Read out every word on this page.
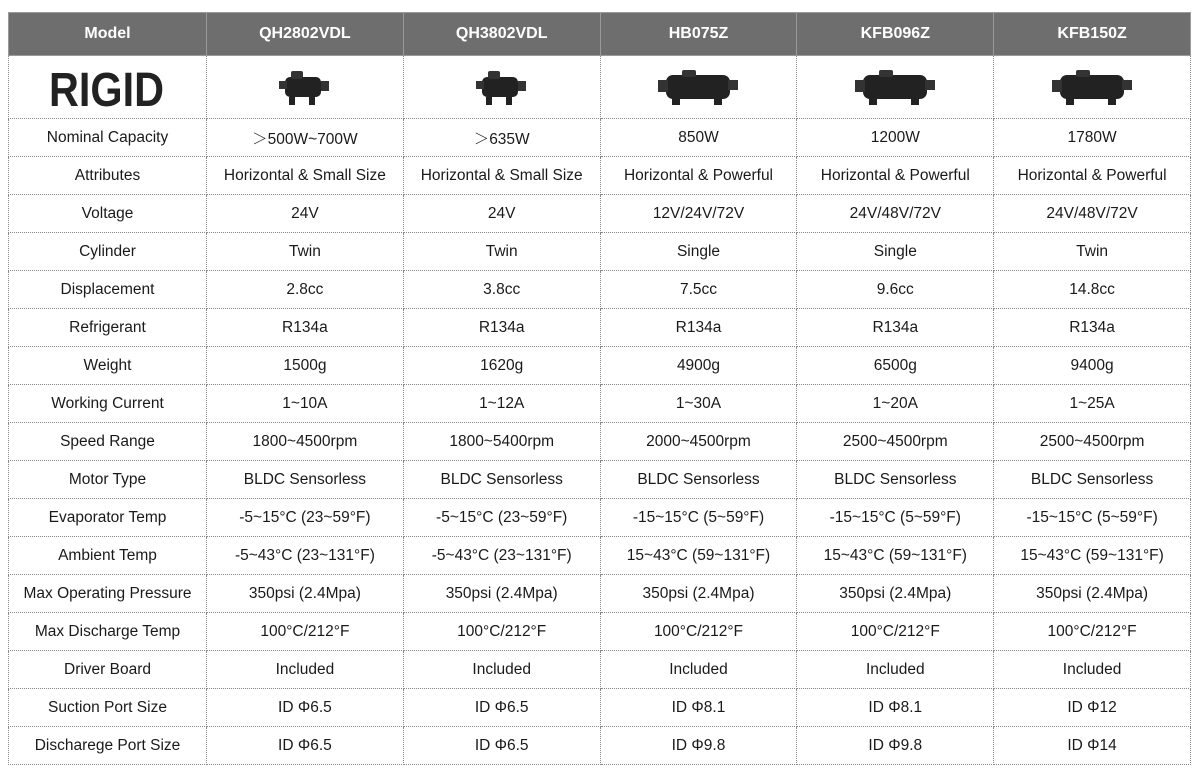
Model	QH2802VDL	QH3802VDL	HB075Z	KFB096Z	KFB150Z

RIGID

Nominal Capacity	＞500W~700W	＞635W	850W	1200W	1780W
Attributes	Horizontal & Small Size	Horizontal & Small Size	Horizontal & Powerful	Horizontal & Powerful	Horizontal & Powerful
Voltage	24V	24V	12V/24V/72V	24V/48V/72V	24V/48V/72V
Cylinder	Twin	Twin	Single	Single	Twin
Displacement	2.8cc	3.8cc	7.5cc	9.6cc	14.8cc
Refrigerant	R134a	R134a	R134a	R134a	R134a
Weight	1500g	1620g	4900g	6500g	9400g
Working Current	1~10A	1~12A	1~30A	1~20A	1~25A
Speed Range	1800~4500rpm	1800~5400rpm	2000~4500rpm	2500~4500rpm	2500~4500rpm
Motor Type	BLDC Sensorless	BLDC Sensorless	BLDC Sensorless	BLDC Sensorless	BLDC Sensorless
Evaporator Temp	-5~15°C (23~59°F)	-5~15°C (23~59°F)	-15~15°C (5~59°F)	-15~15°C (5~59°F)	-15~15°C (5~59°F)
Ambient Temp	-5~43°C (23~131°F)	-5~43°C (23~131°F)	15~43°C (59~131°F)	15~43°C (59~131°F)	15~43°C (59~131°F)
Max Operating Pressure	350psi (2.4Mpa)	350psi (2.4Mpa)	350psi (2.4Mpa)	350psi (2.4Mpa)	350psi (2.4Mpa)
Max Discharge Temp	100°C/212°F	100°C/212°F	100°C/212°F	100°C/212°F	100°C/212°F
Driver Board	Included	Included	Included	Included	Included
Suction Port Size	ID Φ6.5	ID Φ6.5	ID Φ8.1	ID Φ8.1	ID Φ12
Discharege Port Size	ID Φ6.5	ID Φ6.5	ID Φ9.8	ID Φ9.8	ID Φ14
